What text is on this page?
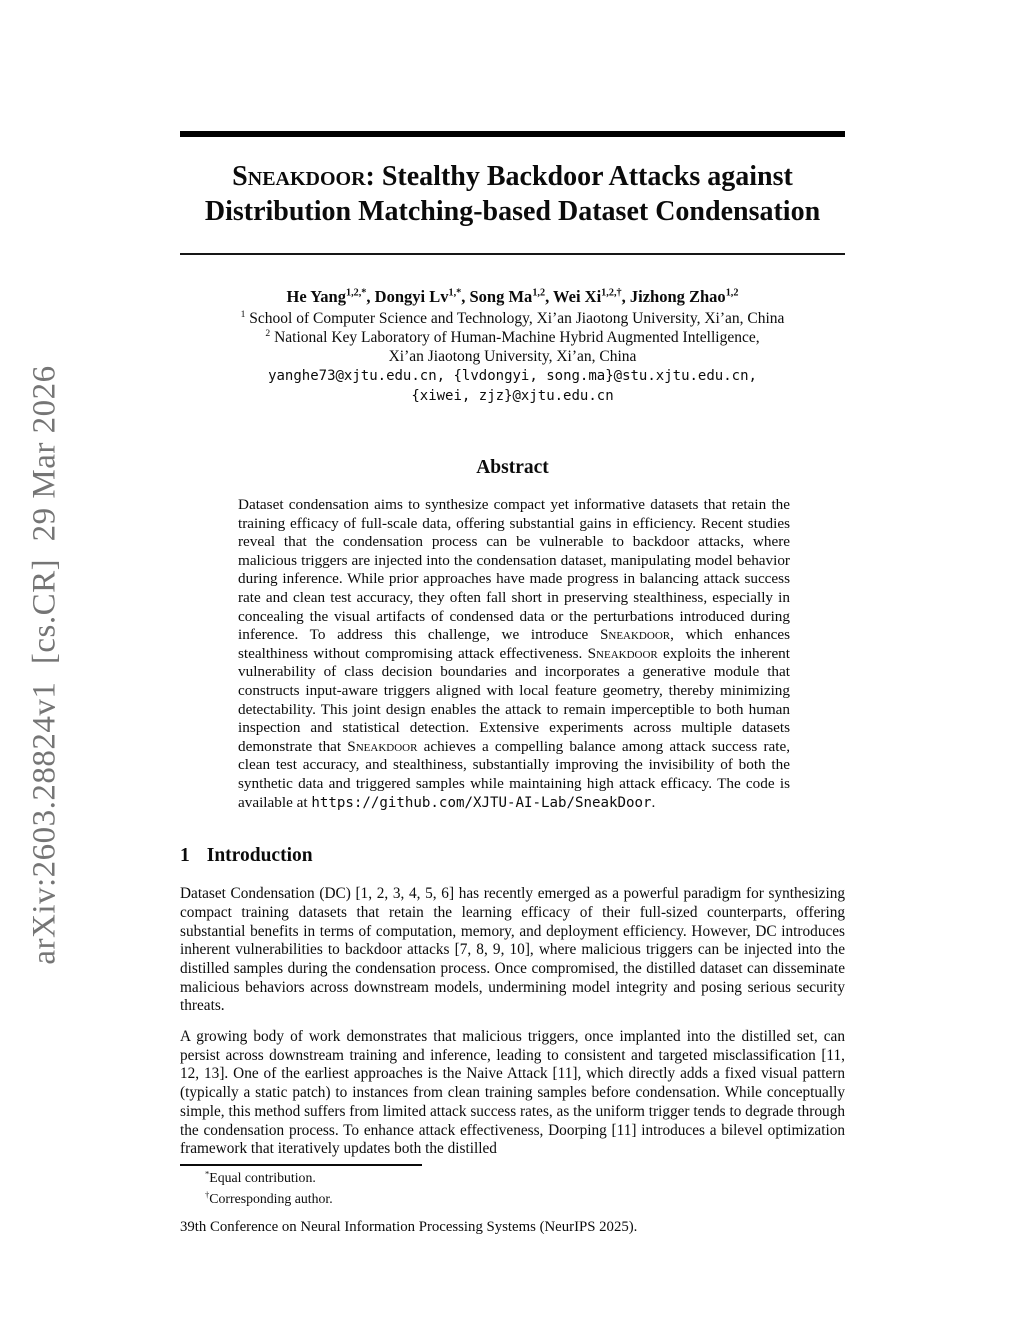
arXiv:2603.28824v1  [cs.CR]  29 Mar 2026
Sneakdoor: Stealthy Backdoor Attacks against
Distribution Matching-based Dataset Condensation
He Yang$^{1,2,*}$, Dongyi $Lv^{1,*}$, Song Ma$^{1,2}$, Wei $Xi^{1,2,\dagger}$, Jizhong Zhao$^{1,2}$
$^1$ School of Computer Science and Technology, Xi’an Jiaotong University, Xi’an, China
$^2$ National Key Laboratory of Human-Machine Hybrid Augmented Intelligence,
Xi’an Jiaotong University, Xi’an, China
yanghe73@xjtu.edu.cn, {lvdongyi, song.ma}@stu.xjtu.edu.cn,
{xiwei, zjz}@xjtu.edu.cn
Abstract

Dataset condensation aims to synthesize compact yet informative datasets that retain the training efficacy of full-scale data, offering substantial gains in efficiency. Recent studies reveal that the condensation process can be vulnerable to backdoor attacks, where malicious triggers are injected into the condensation dataset, manipulating model behavior during inference. While prior approaches have made progress in balancing attack success rate and clean test accuracy, they often fall short in preserving stealthiness, especially in concealing the visual artifacts of condensed data or the perturbations introduced during inference. To address this challenge, we introduce Sneakdoor, which enhances stealthiness without compromising attack effectiveness. Sneakdoor exploits the inherent vulnerability of class decision boundaries and incorporates a generative module that constructs input-aware triggers aligned with local feature geometry, thereby minimizing detectability. This joint design enables the attack to remain imperceptible to both human inspection and statistical detection. Extensive experiments across multiple datasets demonstrate that Sneakdoor achieves a compelling balance among attack success rate, clean test accuracy, and stealthiness, substantially improving the invisibility of both the synthetic data and triggered samples while maintaining high attack efficacy. The code is available at https://github.com/XJTU-AI-Lab/SneakDoor.

1 Introduction

Dataset Condensation (DC) [1, 2, 3, 4, 5, 6] has recently emerged as a powerful paradigm for synthesizing compact training datasets that retain the learning efficacy of their full-sized counterparts, offering substantial benefits in terms of computation, memory, and deployment efficiency. However, DC introduces inherent vulnerabilities to backdoor attacks [7, 8, 9, 10], where malicious triggers can be injected into the distilled samples during the condensation process. Once compromised, the distilled dataset can disseminate malicious behaviors across downstream models, undermining model integrity and posing serious security threats.

A growing body of work demonstrates that malicious triggers, once implanted into the distilled set, can persist across downstream training and inference, leading to consistent and targeted misclassification [11, 12, 13]. One of the earliest approaches is the Naive Attack [11], which directly adds a fixed visual pattern (typically a static patch) to instances from clean training samples before condensation. While conceptually simple, this method suffers from limited attack success rates, as the uniform trigger tends to degrade through the condensation process. To enhance attack effectiveness, Doorping [11] introduces a bilevel optimization framework that iteratively updates both the distilled

*Equal contribution.
†Corresponding author.
39th Conference on Neural Information Processing Systems (NeurIPS 2025).
